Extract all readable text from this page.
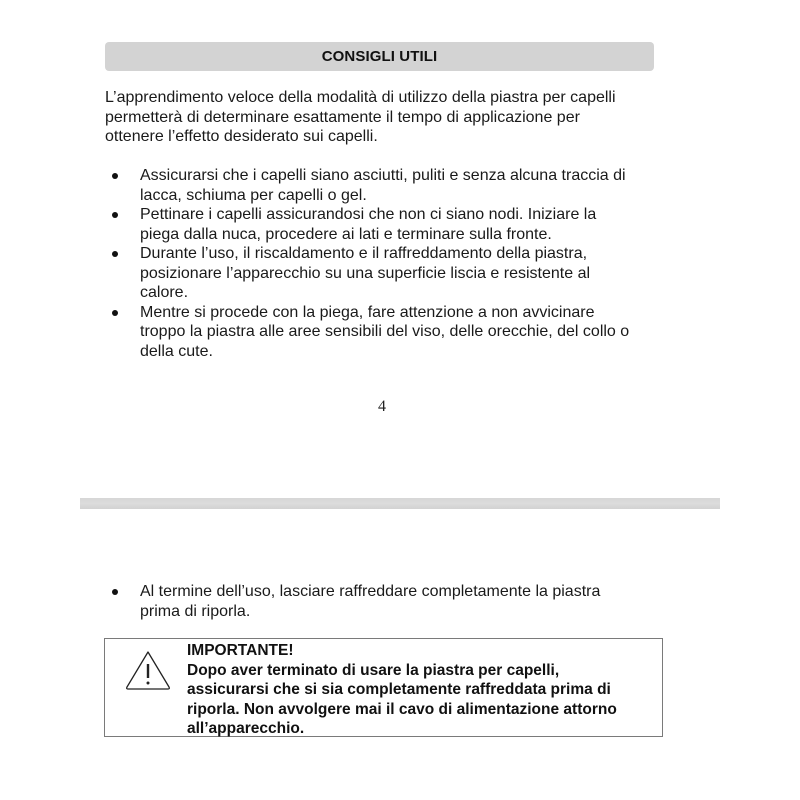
CONSIGLI UTILI

L’apprendimento veloce della modalità di utilizzo della piastra per capelli
permetterà di determinare esattamente il tempo di applicazione per
ottenere l’effetto desiderato sui capelli.

Assicurarsi che i capelli siano asciutti, puliti e senza alcuna traccia di
lacca, schiuma per capelli o gel.
Pettinare i capelli assicurandosi che non ci siano nodi. Iniziare la
piega dalla nuca, procedere ai lati e terminare sulla fronte.
Durante l’uso, il riscaldamento e il raffreddamento della piastra,
posizionare l’apparecchio su una superficie liscia e resistente al
calore.
Mentre si procede con la piega, fare attenzione a non avvicinare
troppo la piastra alle aree sensibili del viso, delle orecchie, del collo o
della cute.
4
Al termine dell’uso, lasciare raffreddare completamente la piastra
prima di riporla.
IMPORTANTE!
Dopo aver terminato di usare la piastra per capelli,
assicurarsi che si sia completamente raffreddata prima di
riporla. Non avvolgere mai il cavo di alimentazione attorno
all’apparecchio.
